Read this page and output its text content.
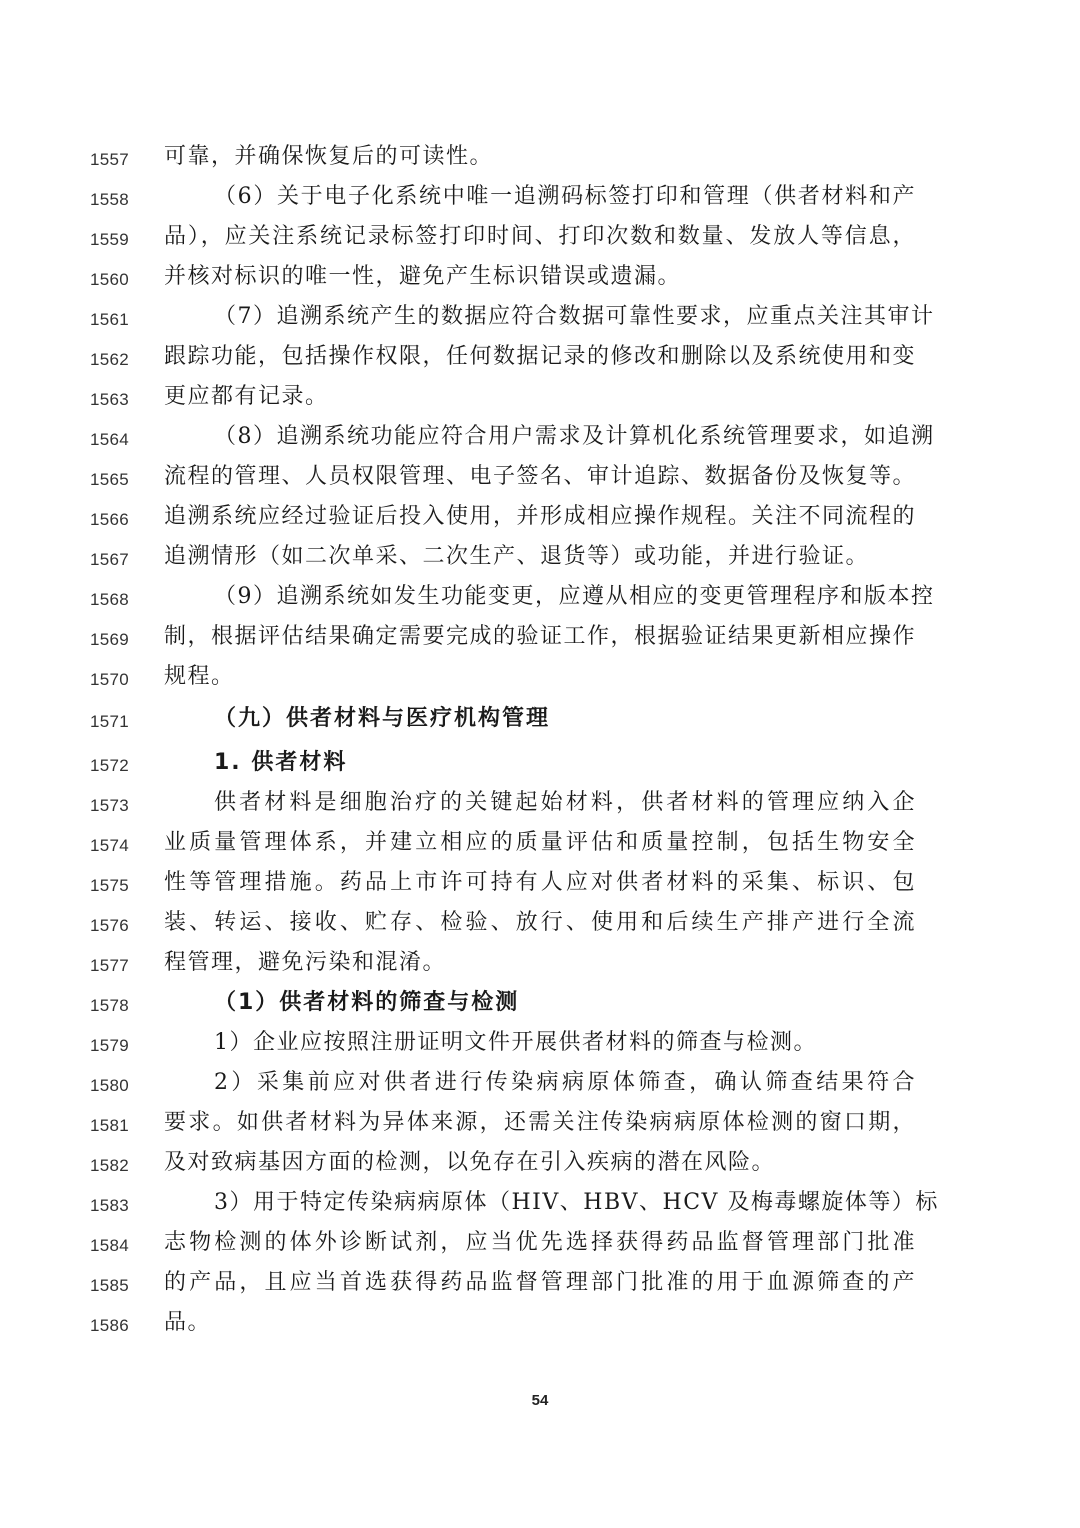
1557	可靠，并确保恢复后的可读性。
1558	（6）关于电子化系统中唯一追溯码标签打印和管理（供者材料和产
1559	品），应关注系统记录标签打印时间、打印次数和数量、发放人等信息，
1560	并核对标识的唯一性，避免产生标识错误或遗漏。
1561	（7）追溯系统产生的数据应符合数据可靠性要求，应重点关注其审计
1562	跟踪功能，包括操作权限，任何数据记录的修改和删除以及系统使用和变
1563	更应都有记录。
1564	（8）追溯系统功能应符合用户需求及计算机化系统管理要求，如追溯
1565	流程的管理、人员权限管理、电子签名、审计追踪、数据备份及恢复等。
1566	追溯系统应经过验证后投入使用，并形成相应操作规程。关注不同流程的
1567	追溯情形（如二次单采、二次生产、退货等）或功能，并进行验证。
1568	（9）追溯系统如发生功能变更，应遵从相应的变更管理程序和版本控
1569	制，根据评估结果确定需要完成的验证工作，根据验证结果更新相应操作
1570	规程。
1571	（九）供者材料与医疗机构管理
1572	1. 供者材料
1573	供者材料是细胞治疗的关键起始材料，供者材料的管理应纳入企
1574	业质量管理体系，并建立相应的质量评估和质量控制，包括生物安全
1575	性等管理措施。药品上市许可持有人应对供者材料的采集、标识、包
1576	装、转运、接收、贮存、检验、放行、使用和后续生产排产进行全流
1577	程管理，避免污染和混淆。
1578	（1）供者材料的筛查与检测
1579	1）企业应按照注册证明文件开展供者材料的筛查与检测。
1580	2）采集前应对供者进行传染病病原体筛查，确认筛查结果符合
1581	要求。如供者材料为异体来源，还需关注传染病病原体检测的窗口期，
1582	及对致病基因方面的检测，以免存在引入疾病的潜在风险。
1583	3）用于特定传染病病原体（HIV、HBV、HCV 及梅毒螺旋体等）标
1584	志物检测的体外诊断试剂，应当优先选择获得药品监督管理部门批准
1585	的产品，且应当首选获得药品监督管理部门批准的用于血源筛查的产
1586	品。
54
